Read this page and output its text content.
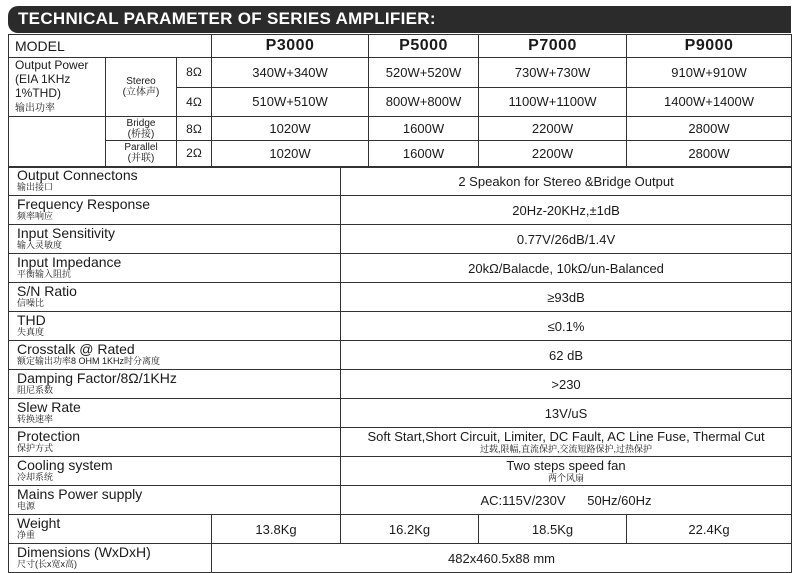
TECHNICAL PARAMETER OF SERIES AMPLIFIER:
MODEL			P3000		P5000	P7000	P9000
Output Power
(EIA 1KHz
1%THD)
输出功率	Stereo
(立体声)	8Ω	340W+340W		520W+520W	730W+730W	910W+910W
		4Ω	510W+510W		800W+800W	1100W+1100W	1400W+1400W
	Bridge
(桥接)	8Ω	1020W		1600W	2200W	2800W
	Parallel
(并联)	2Ω	1020W		1600W	2200W	2800W

Output Connectons
输出接口				2 Speakon for Stereo &Bridge Output			

Frequency Response
频率响应				20Hz-20KHz,±1dB			

Input Sensitivity
输入灵敏度				0.77V/26dB/1.4V			

Input Impedance
平衡输入阻抗				20kΩ/Balacde, 10kΩ/un-Balanced			

S/N Ratio
信噪比				≥93dB			

THD
失真度				≤0.1%			

Crosstalk @ Rated
额定输出功率8 OHM 1KHz时分离度				62 dB			

Damping Factor/8Ω/1KHz
阻尼系数				>230			

Slew Rate
转换速率				13V/uS			

Protection
保护方式				Soft Start,Short Circuit, Limiter, DC Fault, AC Line Fuse, Thermal Cut
过载,限幅,直流保护,交流短路保护,过热保护			

Cooling system
冷却系统				Two steps speed fan
两个风扇			

Mains Power supply
电源				AC:115V/230V      50Hz/60Hz			

Weight
净重			13.8Kg	16.2Kg		18.5Kg	22.4Kg

Dimensions (WxDxH)
尺寸(长x宽x高)			482x460.5x88 mm				
